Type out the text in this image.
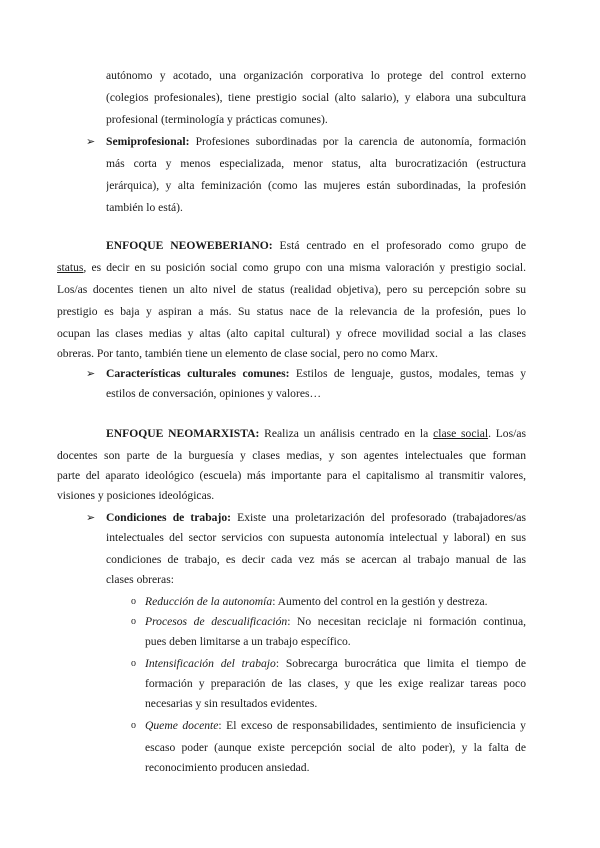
autónomo y acotado, una organización corporativa lo protege del control externo
(colegios profesionales), tiene prestigio social (alto salario), y elabora una subcultura
profesional (terminología y prácticas comunes).
➢ Semiprofesional: Profesiones subordinadas por la carencia de autonomía, formación
más corta y menos especializada, menor status, alta burocratización (estructura
jerárquica), y alta feminización (como las mujeres están subordinadas, la profesión
también lo está).
ENFOQUE NEOWEBERIANO: Está centrado en el profesorado como grupo de
status, es decir en su posición social como grupo con una misma valoración y prestigio social.
Los/as docentes tienen un alto nivel de status (realidad objetiva), pero su percepción sobre su
prestigio es baja y aspiran a más. Su status nace de la relevancia de la profesión, pues lo
ocupan las clases medias y altas (alto capital cultural) y ofrece movilidad social a las clases
obreras. Por tanto, también tiene un elemento de clase social, pero no como Marx.
➢ Características culturales comunes: Estilos de lenguaje, gustos, modales, temas y
estilos de conversación, opiniones y valores…
ENFOQUE NEOMARXISTA: Realiza un análisis centrado en la clase social. Los/as
docentes son parte de la burguesía y clases medias, y son agentes intelectuales que forman
parte del aparato ideológico (escuela) más importante para el capitalismo al transmitir valores,
visiones y posiciones ideológicas.
➢ Condiciones de trabajo: Existe una proletarización del profesorado (trabajadores/as
intelectuales del sector servicios con supuesta autonomía intelectual y laboral) en sus
condiciones de trabajo, es decir cada vez más se acercan al trabajo manual de las
clases obreras:
o Reducción de la autonomía: Aumento del control en la gestión y destreza.
o Procesos de descualificación: No necesitan reciclaje ni formación continua,
pues deben limitarse a un trabajo específico.
o Intensificación del trabajo: Sobrecarga burocrática que limita el tiempo de
formación y preparación de las clases, y que les exige realizar tareas poco
necesarias y sin resultados evidentes.
o Queme docente: El exceso de responsabilidades, sentimiento de insuficiencia y
escaso poder (aunque existe percepción social de alto poder), y la falta de
reconocimiento producen ansiedad.
